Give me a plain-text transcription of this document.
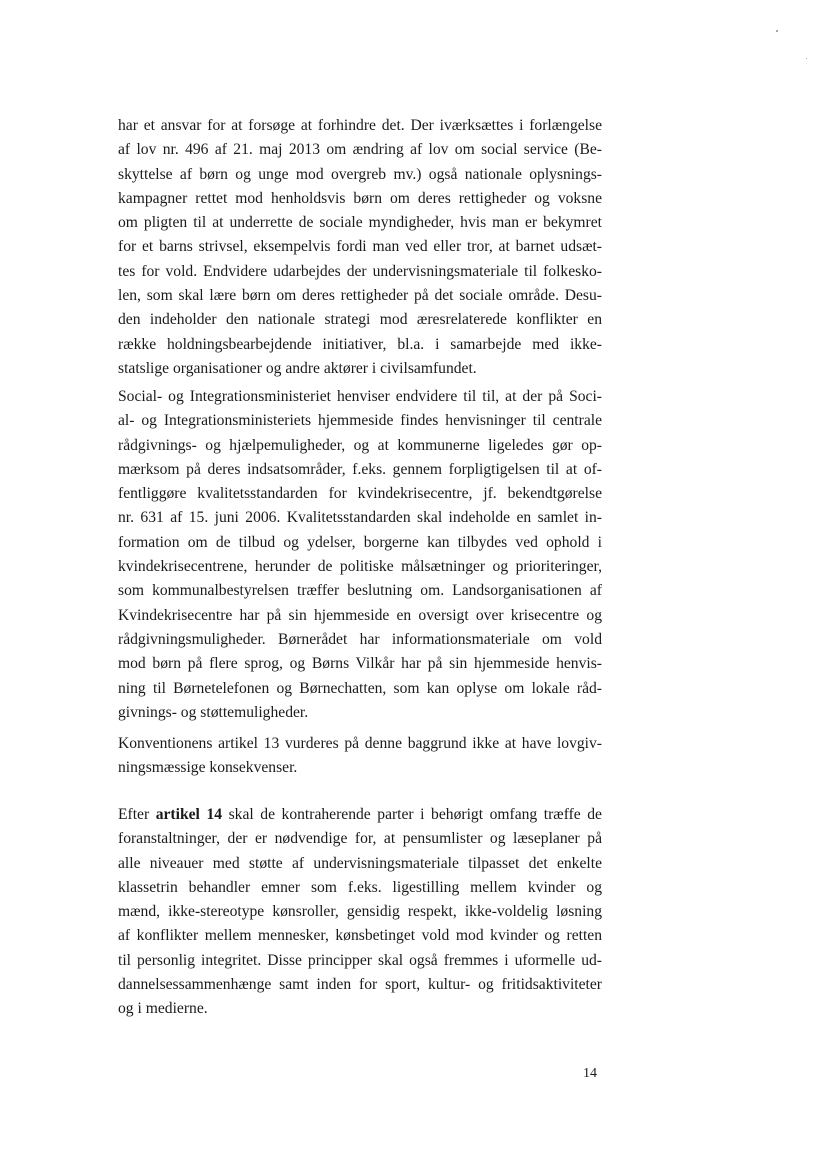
har et ansvar for at forsøge at forhindre det. Der iværksættes i forlængelse
af lov nr. 496 af 21. maj 2013 om ændring af lov om social service (Be-
skyttelse af børn og unge mod overgreb mv.) også nationale oplysnings-
kampagner rettet mod henholdsvis børn om deres rettigheder og voksne
om pligten til at underrette de sociale myndigheder, hvis man er bekymret
for et barns strivsel, eksempelvis fordi man ved eller tror, at barnet udsæt-
tes for vold. Endvidere udarbejdes der undervisningsmateriale til folkesko-
len, som skal lære børn om deres rettigheder på det sociale område. Desu-
den indeholder den nationale strategi mod æresrelaterede konflikter en
række holdningsbearbejdende initiativer, bl.a. i samarbejde med ikke-
statslige organisationer og andre aktører i civilsamfundet.
Social- og Integrationsministeriet henviser endvidere til til, at der på Soci-
al- og Integrationsministeriets hjemmeside findes henvisninger til centrale
rådgivnings- og hjælpemuligheder, og at kommunerne ligeledes gør op-
mærksom på deres indsatsområder, f.eks. gennem forpligtigelsen til at of-
fentliggøre kvalitetsstandarden for kvindekrisecentre, jf. bekendtgørelse
nr. 631 af 15. juni 2006. Kvalitetsstandarden skal indeholde en samlet in-
formation om de tilbud og ydelser, borgerne kan tilbydes ved ophold i
kvindekrisecentrene, herunder de politiske målsætninger og prioriteringer,
som kommunalbestyrelsen træffer beslutning om. Landsorganisationen af
Kvindekrisecentre har på sin hjemmeside en oversigt over krisecentre og
rådgivningsmuligheder. Børnerådet har informationsmateriale om vold
mod børn på flere sprog, og Børns Vilkår har på sin hjemmeside henvis-
ning til Børnetelefonen og Børnechatten, som kan oplyse om lokale råd-
givnings- og støttemuligheder.
Konventionens artikel 13 vurderes på denne baggrund ikke at have lovgiv-
ningsmæssige konsekvenser.
Efter artikel 14 skal de kontraherende parter i behørigt omfang træffe de
foranstaltninger, der er nødvendige for, at pensumlister og læseplaner på
alle niveauer med støtte af undervisningsmateriale tilpasset det enkelte
klassetrin behandler emner som f.eks. ligestilling mellem kvinder og
mænd, ikke-stereotype kønsroller, gensidig respekt, ikke-voldelig løsning
af konflikter mellem mennesker, kønsbetinget vold mod kvinder og retten
til personlig integritet. Disse principper skal også fremmes i uformelle ud-
dannelsessammenhænge samt inden for sport, kultur- og fritidsaktiviteter
og i medierne.
14
